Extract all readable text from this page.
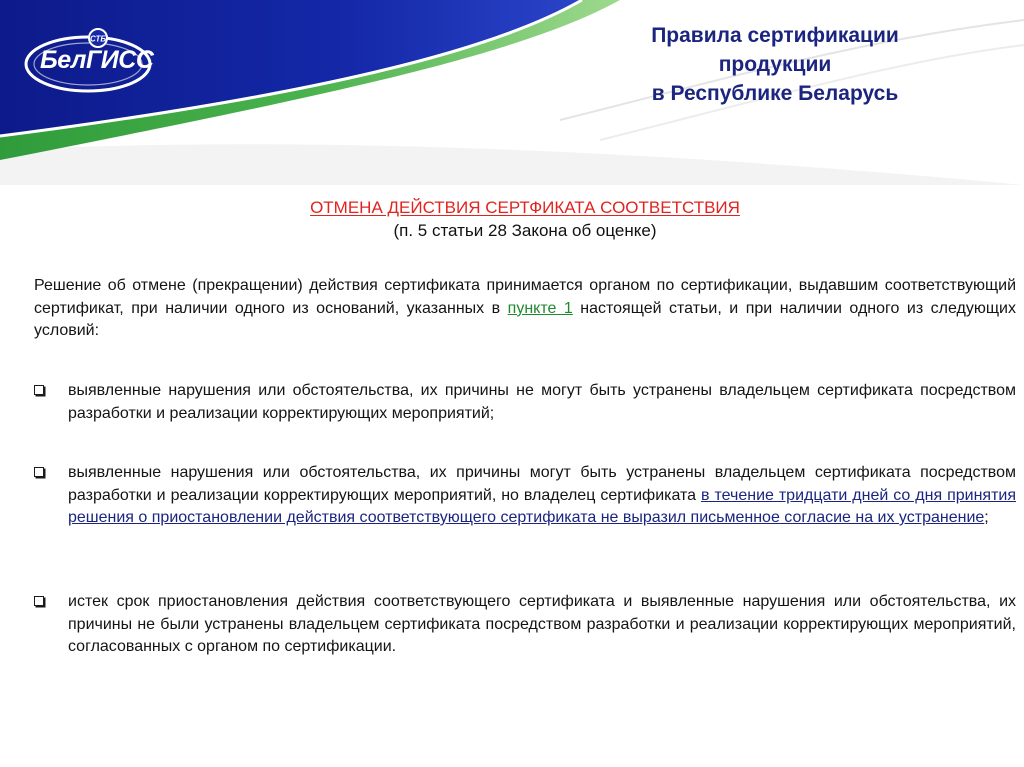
СТБ
БелГИСС
Правила сертификации
продукции
в Республике Беларусь
ОТМЕНА ДЕЙСТВИЯ СЕРТФИКАТА СООТВЕТСТВИЯ
(п. 5 статьи 28 Закона об оценке)
Решение об отмене (прекращении) действия сертификата принимается органом по сертификации, выдавшим соответствующий сертификат, при наличии одного из оснований, указанных в пункте 1 настоящей статьи, и при наличии одного из следующих условий:
выявленные нарушения или обстоятельства, их причины не могут быть устранены владельцем сертификата посредством разработки и реализации корректирующих мероприятий;
выявленные нарушения или обстоятельства, их причины могут быть устранены владельцем сертификата посредством разработки и реализации корректирующих мероприятий, но владелец сертификата в течение тридцати дней со дня принятия решения о приостановлении действия соответствующего сертификата не выразил письменное согласие на их устранение;
истек срок приостановления действия соответствующего сертификата и выявленные нарушения или обстоятельства, их причины не были устранены владельцем сертификата посредством разработки и реализации корректирующих мероприятий, согласованных с органом по сертификации.
